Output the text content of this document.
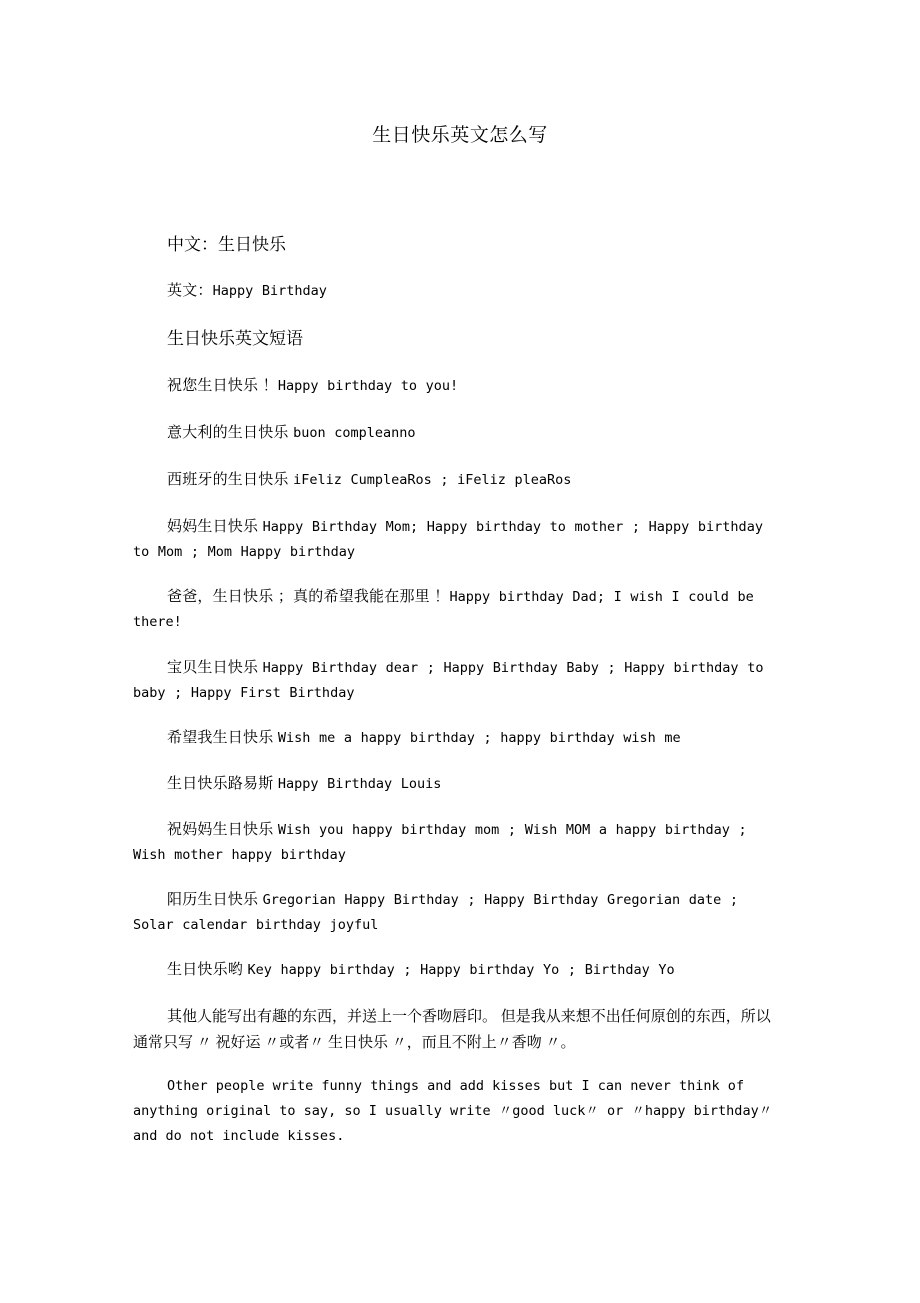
生日快乐英文怎么写

中文：生日快乐

英文：Happy Birthday

生日快乐英文短语

祝您生日快乐 ！Happy birthday to you!

意大利的生日快乐 buon compleanno

西班牙的生日快乐 iFeliz CumpleaRos ; iFeliz pleaRos

妈妈生日快乐 Happy Birthday Mom; Happy birthday to mother ; Happy birthday to Mom ; Mom Happy birthday

爸爸，生日快乐 ；真的希望我能在那里 ！Happy birthday Dad; I wish I could be there!

宝贝生日快乐 Happy Birthday dear ; Happy Birthday Baby ; Happy birthday to baby ; Happy First Birthday

希望我生日快乐 Wish me a happy birthday ; happy birthday wish me

生日快乐路易斯 Happy Birthday Louis

祝妈妈生日快乐 Wish you happy birthday mom ; Wish MOM a happy birthday ; Wish mother happy birthday

阳历生日快乐 Gregorian Happy Birthday ; Happy Birthday Gregorian date ; Solar calendar birthday joyful

生日快乐哟 Key happy birthday ; Happy birthday Yo ; Birthday Yo

其他人能写出有趣的东西，并送上一个香吻唇印。 但是我从来想不出任何原创的东西，所以通常只写 〃 祝好运 〃或者〃 生日快乐 〃，而且不附上〃香吻 〃。

Other people write funny things and add kisses but I can never think of anything original to say, so I usually write 〃good luck〃 or 〃happy birthday〃 and do not include kisses.
